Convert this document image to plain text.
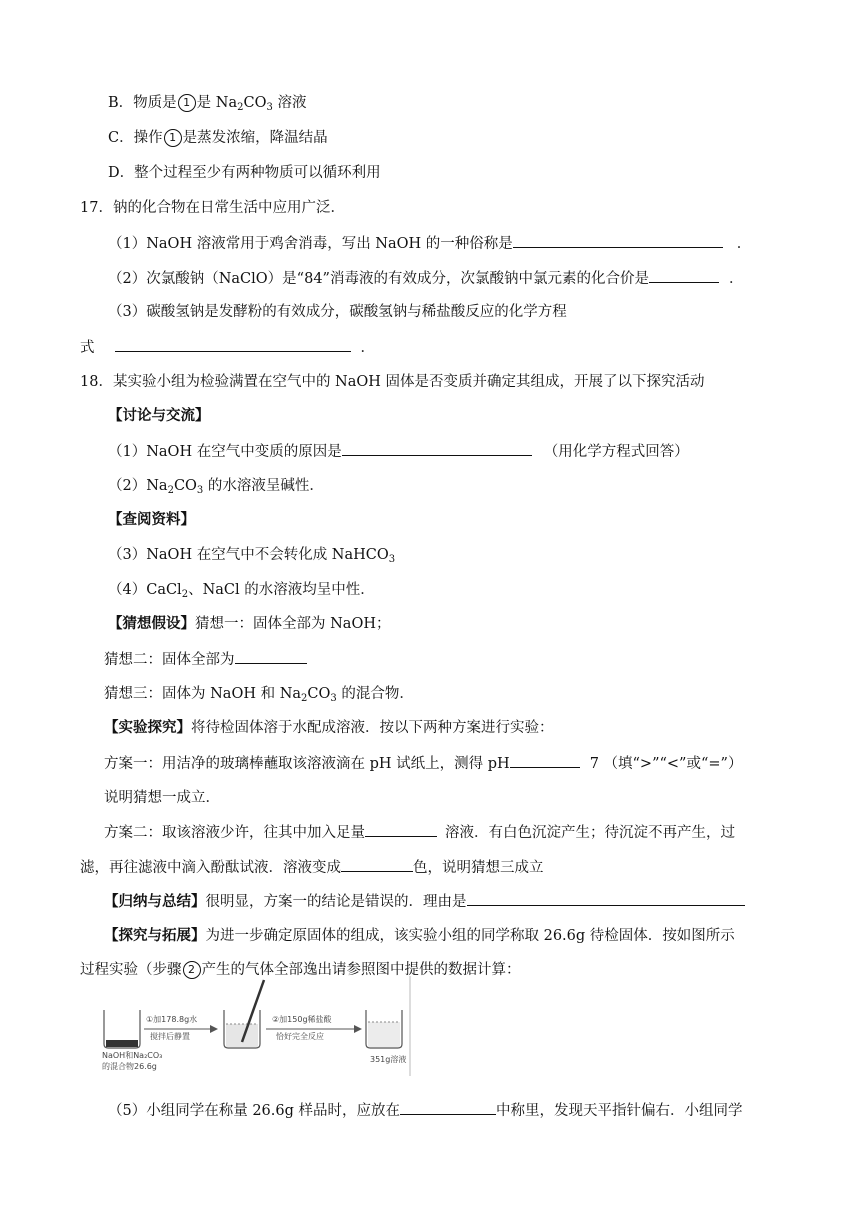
B．物质是 1 是 $Na_2CO_3$ 溶液
C．操作 1 是蒸发浓缩，降温结晶
D．整个过程至少有两种物质可以循环利用
17．钠的化合物在日常生活中应用广泛．
（1）NaOH 溶液常用于鸡舍消毒，写出 NaOH 的一种俗称是	．
（2）次氯酸钠（NaClO）是“84”消毒液的有效成分，次氯酸钠中氯元素的化合价是	．
（3）碳酸氢钠是发酵粉的有效成分，碳酸氢钠与稀盐酸反应的化学方程
式	．
18．某实验小组为检验满置在空气中的 NaOH 固体是否变质并确定其组成，开展了以下探究活动
【讨论与交流】
（1）NaOH 在空气中变质的原因是	（用化学方程式回答）
$(2)Na_2CO_3$ 的水溶液呈碱性．
【查阅资料】
（3）NaOH 在空气中不会转化成 NaHCO$_3$
（4）CaCl$_2$、NaCl 的水溶液均呈中性．
【猜想假设】猜想一：固体全部为 NaOH；
猜想二：固体全部为
猜想三：固体为 NaOH 和 $Na_2CO_3$ 的混合物．
【实验探究】将待检固体溶于水配成溶液．按以下两种方案进行实验：
方案一：用洁净的玻璃棒蘸取该溶液滴在 pH 试纸上，测得 pH	7 （填“>”“<”或“=”）
说明猜想一成立．
方案二：取该溶液少许，往其中加入足量	溶液．有白色沉淀产生；待沉淀不再产生，过
滤，再往滤液中滴入酚酞试液．溶液变成	色，说明猜想三成立
【归纳与总结】很明显，方案一的结论是错误的．理由是
【探究与拓展】为进一步确定原固体的组成，该实验小组的同学称取 26.6g 待检固体．按如图所示
过程实验（步骤 2 产生的气体全部逸出请参照图中提供的数据计算：
NaOH和Na₂CO₃
的混合物26.6g
①加178.8g水
搅拌后静置
②加150g稀盐酸
恰好完全反应
351g溶液
（5）小组同学在称量 26.6g 样品时，应放在	中称里，发现天平指针偏右．小组同学
